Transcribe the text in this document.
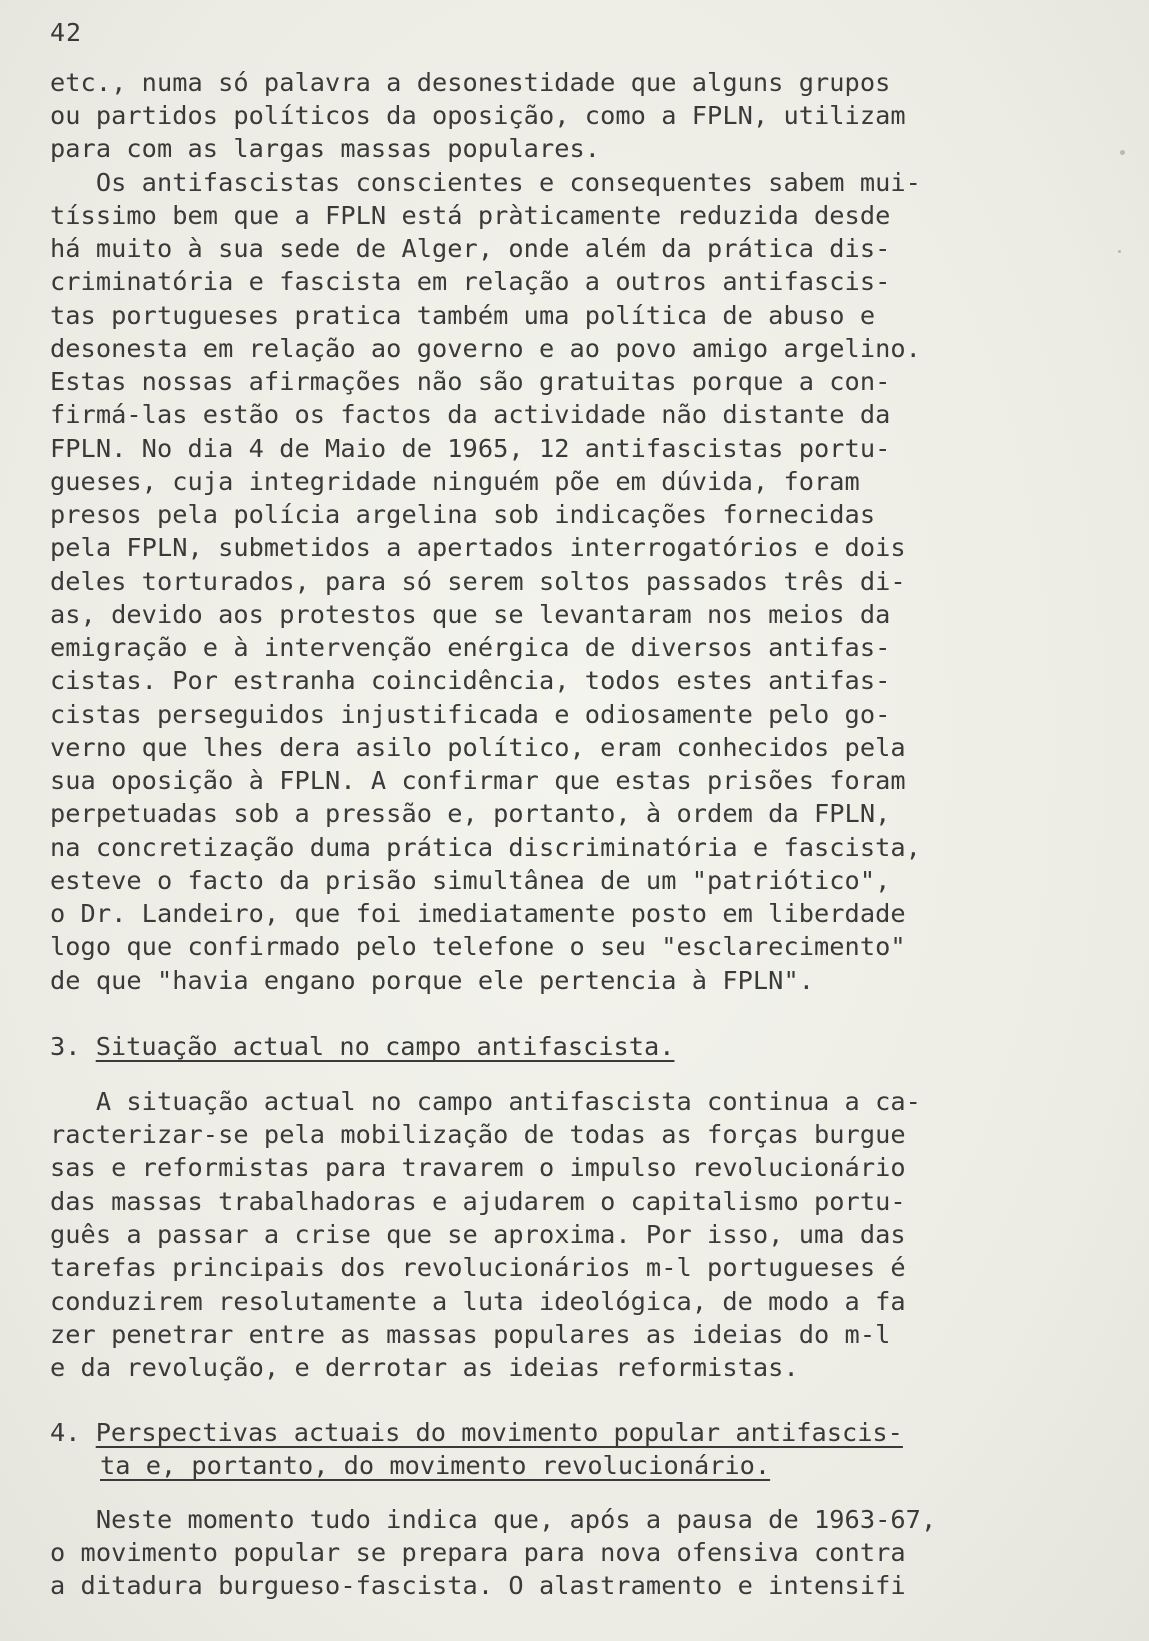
42
etc., numa só palavra a desonestidade que alguns grupos
ou partidos políticos da oposição, como a FPLN, utilizam
para com as largas massas populares.
Os antifascistas conscientes e consequentes sabem mui-
tíssimo bem que a FPLN está pràticamente reduzida desde
há muito à sua sede de Alger, onde além da prática dis-
criminatória e fascista em relação a outros antifascis-
tas portugueses pratica também uma política de abuso e
desonesta em relação ao governo e ao povo amigo argelino.
Estas nossas afirmações não são gratuitas porque a con-
firmá-las estão os factos da actividade não distante da
FPLN. No dia 4 de Maio de 1965, 12 antifascistas portu-
gueses, cuja integridade ninguém põe em dúvida, foram
presos pela polícia argelina sob indicações fornecidas
pela FPLN, submetidos a apertados interrogatórios e dois
deles torturados, para só serem soltos passados três di-
as, devido aos protestos que se levantaram nos meios da
emigração e à intervenção enérgica de diversos antifas-
cistas. Por estranha coincidência, todos estes antifas-
cistas perseguidos injustificada e odiosamente pelo go-
verno que lhes dera asilo político, eram conhecidos pela
sua oposição à FPLN. A confirmar que estas prisões foram
perpetuadas sob a pressão e, portanto, à ordem da FPLN,
na concretização duma prática discriminatória e fascista,
esteve o facto da prisão simultânea de um "patriótico",
o Dr. Landeiro, que foi imediatamente posto em liberdade
logo que confirmado pelo telefone o seu "esclarecimento"
de que "havia engano porque ele pertencia à FPLN".
3. Situação actual no campo antifascista.
A situação actual no campo antifascista continua a ca-
racterizar-se pela mobilização de todas as forças burgue
sas e reformistas para travarem o impulso revolucionário
das massas trabalhadoras e ajudarem o capitalismo portu-
guês a passar a crise que se aproxima. Por isso, uma das
tarefas principais dos revolucionários m-l portugueses é
conduzirem resolutamente a luta ideológica, de modo a fa
zer penetrar entre as massas populares as ideias do m-l
e da revolução, e derrotar as ideias reformistas.
4. Perspectivas actuais do movimento popular antifascis-
ta e, portanto, do movimento revolucionário.
Neste momento tudo indica que, após a pausa de 1963-67,
o movimento popular se prepara para nova ofensiva contra
a ditadura burgueso-fascista. O alastramento e intensifi
